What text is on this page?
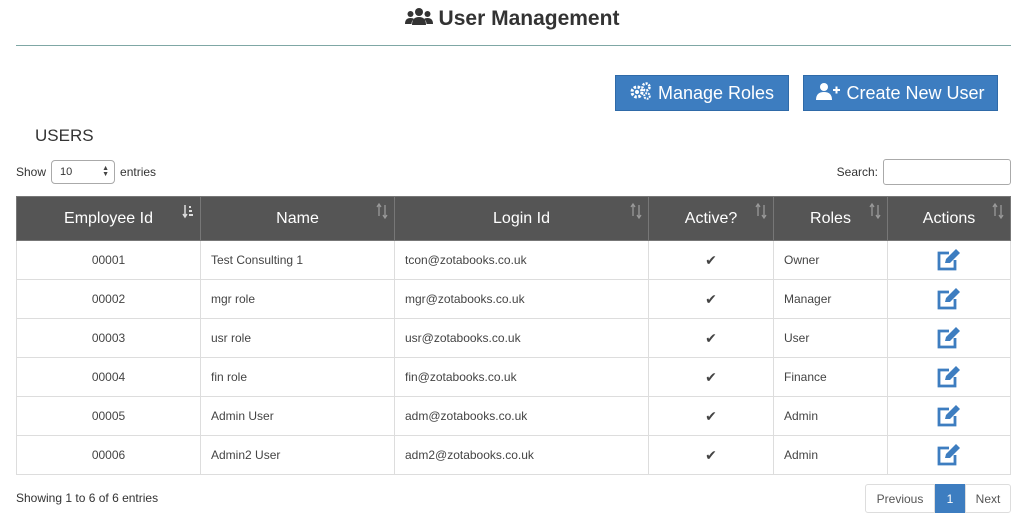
User Management
Manage Roles	Create New User
USERS
Show 10	▲
▼ entries	Search:
Employee Id	Name	Login Id	Active?	Roles	Actions

00001	Test Consulting 1	tcon@zotabooks.co.uk	✔	Owner	

00002	mgr role	mgr@zotabooks.co.uk	✔	Manager	

00003	usr role	usr@zotabooks.co.uk	✔	User	

00004	fin role	fin@zotabooks.co.uk	✔	Finance	

00005	Admin User	adm@zotabooks.co.uk	✔	Admin	

00006	Admin2 User	adm2@zotabooks.co.uk	✔	Admin	
Showing 1 to 6 of 6 entries	Previous	1	Next
